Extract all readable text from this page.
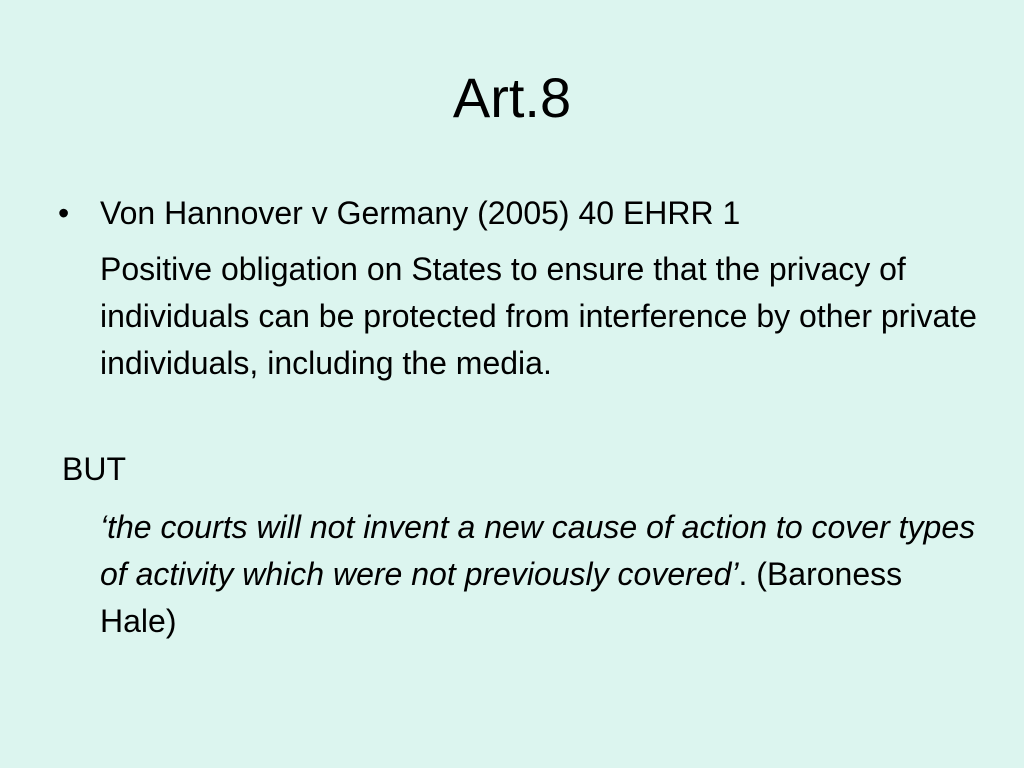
Art.8
• Von Hannover v Germany (2005) 40 EHRR 1
Positive obligation on States to ensure that the privacy of individuals can be protected from interference by other private individuals, including the media.
BUT
‘the courts will not invent a new cause of action to cover types of activity which were not previously covered’. (Baroness Hale)
